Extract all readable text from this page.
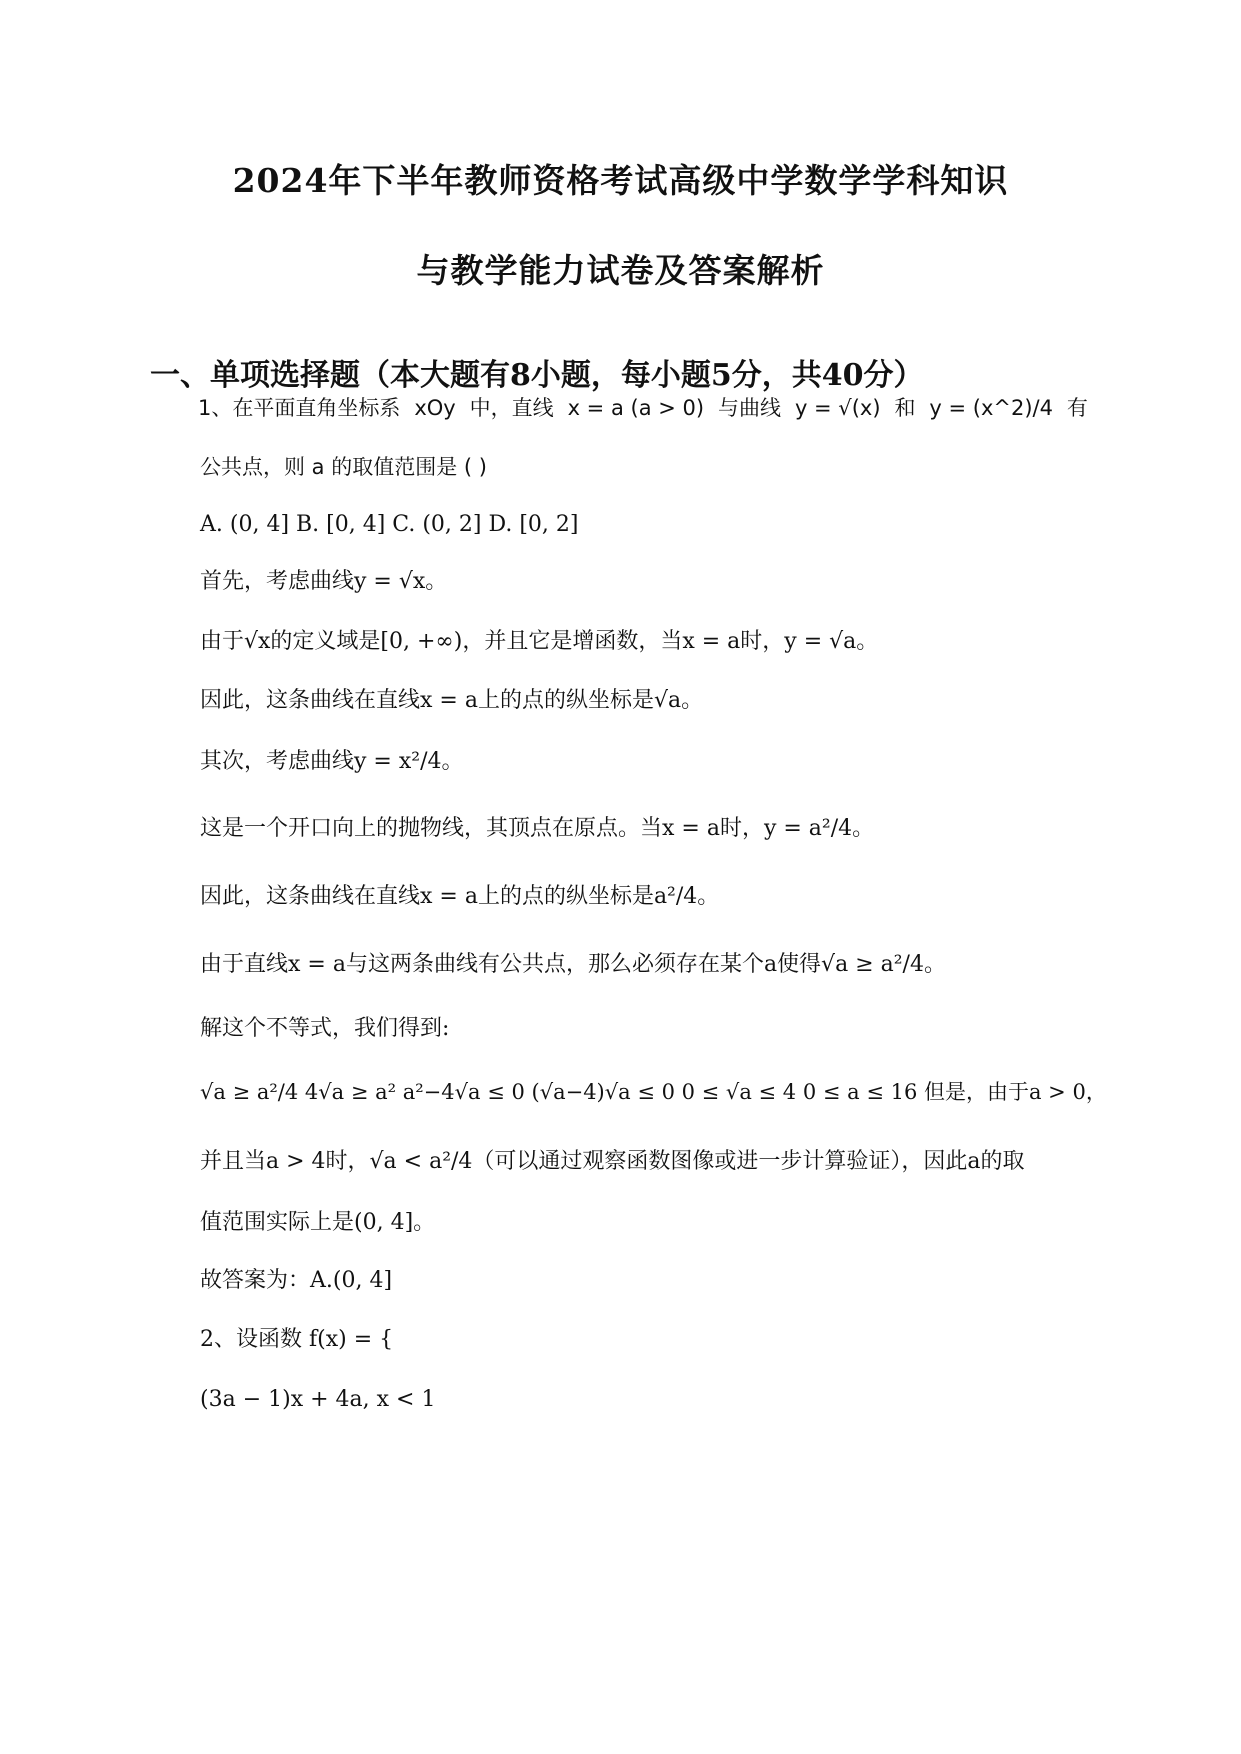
2024年下半年教师资格考试高级中学数学学科知识
与教学能力试卷及答案解析
一、单项选择题（本大题有8小题，每小题5分，共40分）
1、在平面直角坐标系 xOy 中，直线 x = a (a > 0) 与曲线 y = √(x) 和 y = (x^2)/4 有
公共点，则 a 的取值范围是 ( )
A. (0, 4] B. [0, 4] C. (0, 2] D. [0, 2]
首先，考虑曲线y = √x。
由于√x的定义域是[0, +∞)，并且它是增函数，当x = a时，y = √a。
因此，这条曲线在直线x = a上的点的纵坐标是√a。
其次，考虑曲线y = x²/4。
这是一个开口向上的抛物线，其顶点在原点。当x = a时，y = a²/4。
因此，这条曲线在直线x = a上的点的纵坐标是a²/4。
由于直线x = a与这两条曲线有公共点，那么必须存在某个a使得√a ≥ a²/4。
解这个不等式，我们得到:
√a ≥ a²/4 4√a ≥ a² a²−4√a ≤ 0 (√a−4)√a ≤ 0 0 ≤ √a ≤ 4 0 ≤ a ≤ 16 但是，由于a > 0，
并且当a > 4时，√a < a²/4（可以通过观察函数图像或进一步计算验证），因此a的取
值范围实际上是(0, 4]。
故答案为：A.(0, 4]
2、设函数 f(x) = {
(3a − 1)x + 4a, x < 1
